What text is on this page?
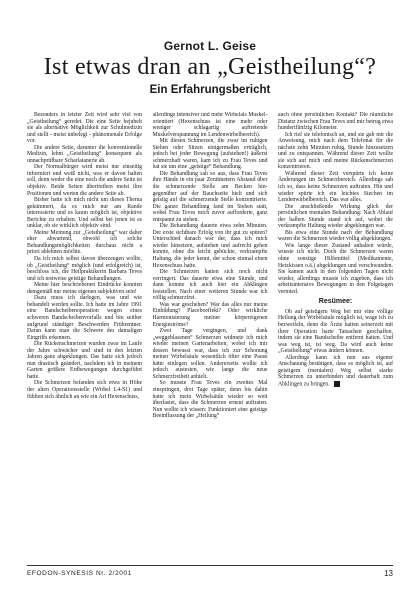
Gernot L. Geise
Ist etwas dran an „Geistheilung“?
Ein Erfahrungsbericht

Besonders in letzter Zeit wird sehr viel von „Geistheilung“ geredet. Die eine Seite bejubelt sie als alternative Möglichkeit zur Schulmedizin und stellt - meist unbelegt - phänomenale Erfolge vor.

Die andere Seite, darunter die konventionelle Medizin, lehnt „Geistheilung“ konsequent als unnachprüfbare Scharlatanerie ab.

Der Normalbürger wird meist nur einseitig informiert und weiß nicht, was er davon halten soll, denn weder die eine noch die andere Seite ist objektiv. Beide Seiten übertreiben meist ihre Positionen und werten die andere Seite ab.

Bisher hatte ich mich nicht um dieses Thema gekümmert, da es mich nur am Rande interessierte und es kaum möglich ist, objektive Berichte zu erhalten. Und selbst bei jenen ist es unklar, ob sie wirklich objektiv sind.

Meine Meinung zur „Geistheilung“ war daher eher abwartend, obwohl ich solche Behandlungsmöglichkeiten durchaus nicht a priori ablehnen möchte.

Da ich mich selbst davon überzeugen wollte, ob „Geistheilung“ möglich (und erfolgreich) ist, beschloss ich, die Heilpraktikerin Barbara Teves und ich testweise geistige Behandlungen.

Meine hier beschriebenen Eindrücke konnten demgemäß nur meine eigenen subjektiven sein!

Dazu muss ich darlegen, was und wie behandelt werden sollte. Ich hatte im Jahre 1991 eine Bandscheibenoperation wegen eines schweren Bandscheibenvorfalls und bin seither aufgrund ständiger Beschwerden Frührentner. Daran kann man die Schwere des damaligen Eingriffs erkennen.

Die Rückenschmerzen wurden zwar im Laufe der Jahre schwächer und sind in den letzten Jahren ganz abgeklungen. Das hatte sich jedoch nun drastisch geändert, nachdem ich in meinem Garten größere Erdbewegungen durchgeführt hatte.

Die Schmerzen befanden sich etwa in Höhe der alten Operationsstelle (Wirbel L4-S1) und fühlten sich ähnlich an wie ein Art Hexenschuss,

allerdings intensiver und mehr Wirbelals Muskel-orientiert (Hexenschuss ist eine mehr oder weniger schlagartig auftretende Muskelverspannung im Lendenwirbelbereich).

Mit diesen Schmerzen, die zwar im ruhigen Stehen oder Sitzen einigermaßen erträglich, jedoch bei jeder Bewegung (aufstehen!) äußerst schmerzhaft waren, kam ich zu Frau Teves und bat sie um eine „geistige“ Behandlung.

Die Behandlung sah so aus, dass Frau Teves ihre Hände in ein paar Zentimetern Abstand über die schmerzende Stelle am Becken hin- gegenüber auf der Bauchseite hielt und sich geistig auf die schmerzende Stelle konzentrierte. Die ganze Behandlung fand im Stehen statt, wobei Frau Teves mich zuvor aufforderte, ganz entspannt zu stehen.

Die Behandlung dauerte etwa zehn Minuten. Der erste sichtbare Erfolg von ihr gut zu spüren? Unterschied danach war der, dass ich mich wieder hinsetzen, aufstehen und aufrecht gehen konnte, ohne die leicht gebückte, verkrampfte Haltung, die jeder kennt, der schon einmal einen Hexenschuss hatte.

Die Schmerzen hatten sich noch nicht verringert. Das dauerte etwa eine Stunde, und dann konnte ich auch hier ein Abklingen feststellen. Nach einer weiteren Stunde war ich völlig schmerzfrei.

Was war geschehen? War das alles nur meine Einbildung? Placeboeffekt? Oder wirkliche Harmonisierung meiner körpereigenen Energieströme?

Zwei Tage vergingen, und dank „weggeblasenen“ Schmerzen widmete ich mich wieder meinen Gartenarbeiten, wobei ich mir dessen bewusst war, dass ich zur Schonung meiner Wirbelsäule wesentlich öfter eine Pause hätte einlegen sollen. Andererseits wollte ich jedoch austesten, wie lange die neue Schmerzfreiheit anhielt.

So musste Frau Teves ein zweites Mal einspringen, drei Tage später, denn bis dahin hatte ich mein Wirbelsäule wieder so weit überlastet, dass die Schmerzen erneut auftraten. Nun wollte ich wissen: Funktioniert eine geistige Beeinflussung der „Heilung“

auch ohne persönlichen Kontakt? Die räumliche Distanz zwischen Frau Teves und mir betrug etwa hundertfünfzig Kilometer.

Ich rief sie telefonisch an, und sie gab mir die Anweisung, mich nach dem Telefonat für die nächste zehn Minuten ruhig, Stunde hinzusetzen und zu entspannen. Während dieser Zeit wollte sie sich auf mich und meine Rückenschmerzen konzentrieren.

Während dieser Zeit verspürte ich keine Änderungen im Schmerzbereich. Allerdings sah ich so, dass keine Schmerzen auftraten. Hin und wieder spürte ich ein leichtes Stechen im Lendenwirbelbereich. Das war alles.

Die anschließende Wirkung glich der persönlichen mentalen Behandlung: Nach Ablauf der halben Stunde stand ich auf, wobei die verkrampfte Haltung wieder abgeklungen war.

Bis etwa eine Stunde nach der Behandlung waren die Schmerzen wieder völlig abgeklungen.

Wie lange dieser Zustand anhalten würde, wusste ich nicht. Doch die Schmerzen waren ohne sonstige Hilfsmittel (Medikamente, Heizkissen o.ä.) abgeklungen und verschwunden. Sie kamen auch in den folgenden Tagen nicht wieder, allerdings musste ich zugeben, dass ich arbeitsintensive Bewegungen in den Folgetagen vermied.

Resümee:

Ob auf geistigem Weg bei mir eine völlige Heilung der Wirbelsäule möglich ist, wage ich zu bezweifeln, denn die Ärzte hatten seinerzeit mit ihrer Operation harte Tatsachen geschaffen, indem sie eine Bandscheibe entfernt hatten. Und was weg ist, ist weg. Da wird auch keine „Geistheilung“ etwas ändern können.

Allerdings kann ich nun aus eigener Anschauung bestätigen, dass es möglich ist, auf geistigem (mentalen) Weg selbst starke Schmerzen zu unterbinden und dauerhaft zum Abklingen zu bringen.

EFODON-SYNESIS Nr. 2/2001	13
